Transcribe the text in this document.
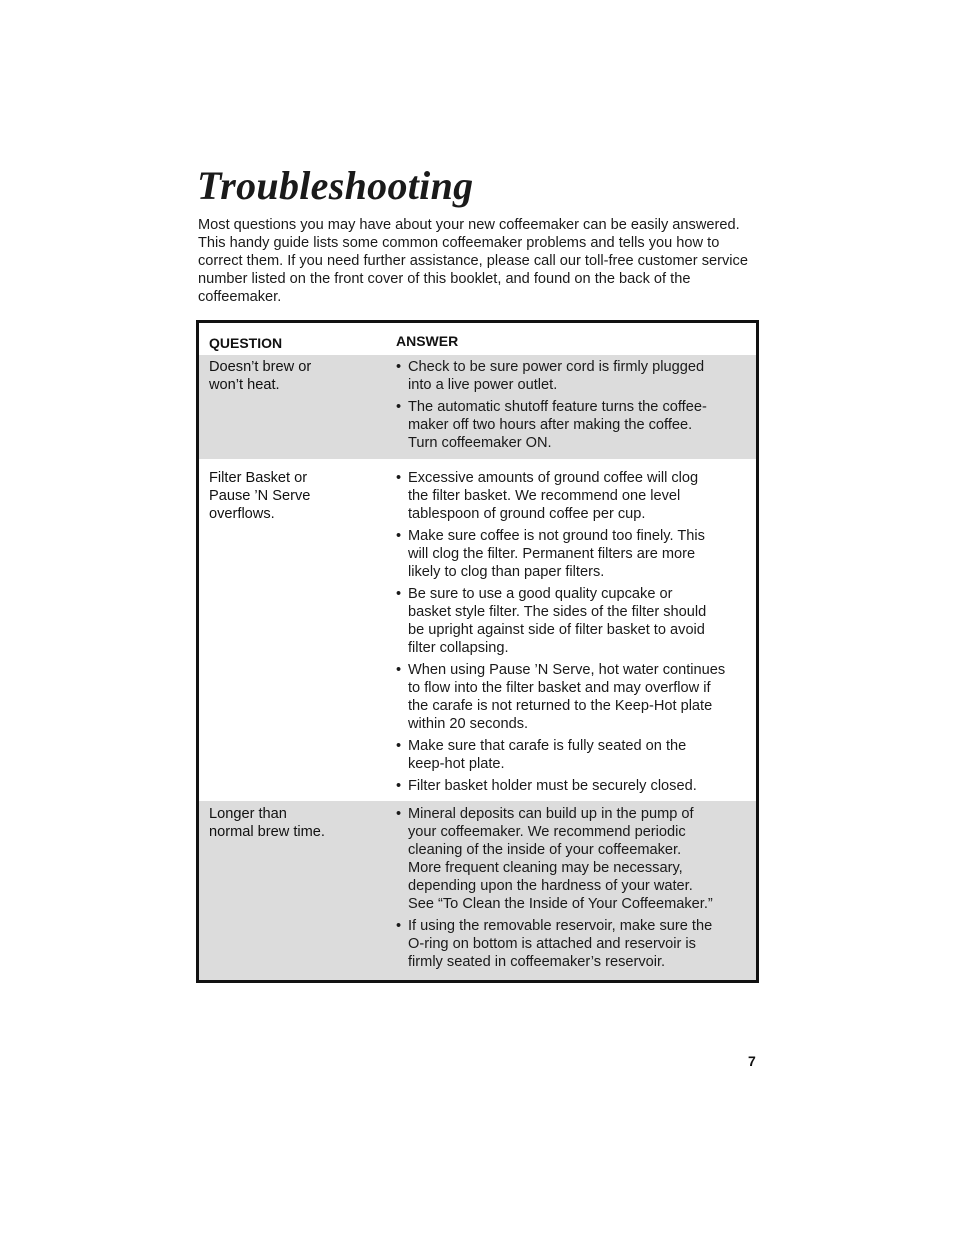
Troubleshooting

Most questions you may have about your new coffeemaker can be easily answered. This handy guide lists some common coffeemaker problems and tells you how to correct them. If you need further assistance, please call our toll-free customer service number listed on the front cover of this booklet, and found on the back of the coffeemaker.

QUESTION	ANSWER
Doesn’t brew or
won’t heat.
• Check to be sure power cord is firmly plugged
into a live power outlet.
• The automatic shutoff feature turns the coffee-
maker off two hours after making the coffee.
Turn coffeemaker ON.
Filter Basket or
Pause ’N Serve
overflows.
• Excessive amounts of ground coffee will clog
the filter basket. We recommend one level
tablespoon of ground coffee per cup.
• Make sure coffee is not ground too finely. This
will clog the filter. Permanent filters are more
likely to clog than paper filters.
• Be sure to use a good quality cupcake or
basket style filter. The sides of the filter should
be upright against side of filter basket to avoid
filter collapsing.
• When using Pause ’N Serve, hot water continues
to flow into the filter basket and may overflow if
the carafe is not returned to the Keep-Hot plate
within 20 seconds.
• Make sure that carafe is fully seated on the
keep-hot plate.
• Filter basket holder must be securely closed.
Longer than
normal brew time.
• Mineral deposits can build up in the pump of
your coffeemaker. We recommend periodic
cleaning of the inside of your coffeemaker.
More frequent cleaning may be necessary,
depending upon the hardness of your water.
See “To Clean the Inside of Your Coffeemaker.”
• If using the removable reservoir, make sure the
O-ring on bottom is attached and reservoir is
firmly seated in coffeemaker’s reservoir.
7
